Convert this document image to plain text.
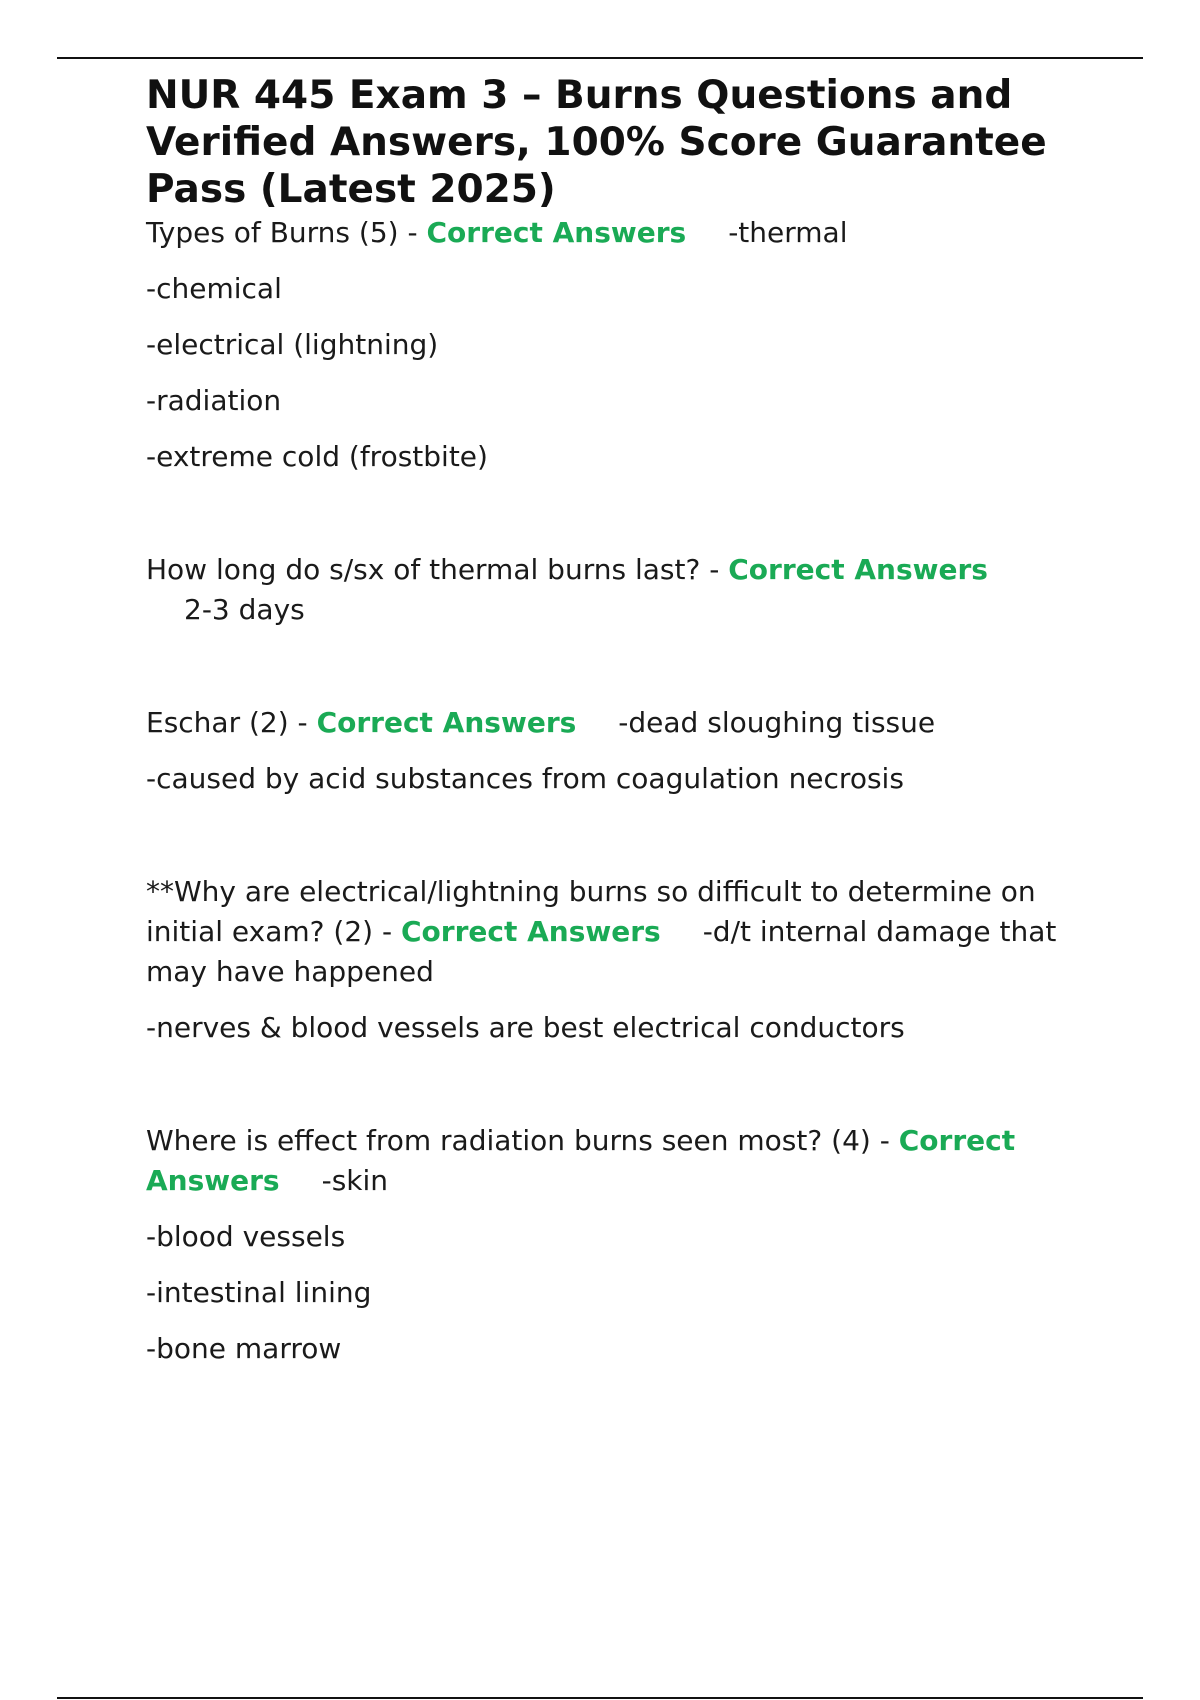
NUR 445 Exam 3 – Burns Questions and Verified Answers, 100% Score Guarantee Pass (Latest 2025)

Types of Burns (5) - Correct Answers -thermal

-chemical

-electrical (lightning)

-radiation

-extreme cold (frostbite)

How long do s/sx of thermal burns last? - Correct Answers
2-3 days

Eschar (2) - Correct Answers -dead sloughing tissue

-caused by acid substances from coagulation necrosis

**Why are electrical/lightning burns so difficult to determine on initial exam? (2) - Correct Answers -d/t internal damage that may have happened

-nerves & blood vessels are best electrical conductors

Where is effect from radiation burns seen most? (4) - Correct Answers -skin

-blood vessels

-intestinal lining

-bone marrow
